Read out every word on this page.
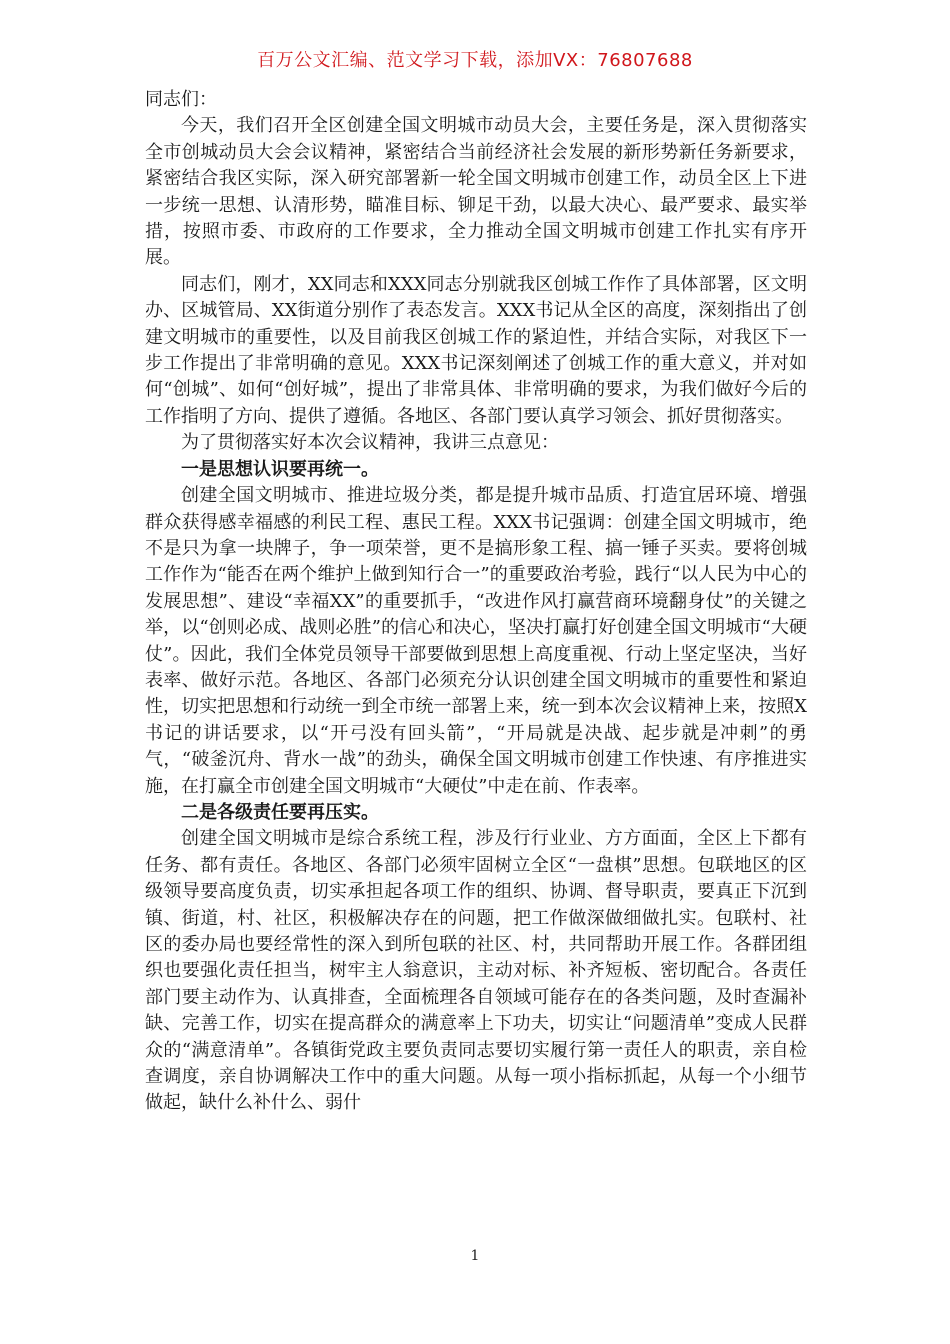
百万公文汇编、范文学习下载，添加VX：76807688

同志们：

今天，我们召开全区创建全国文明城市动员大会，主要任务是，深入贯彻落实全市创城动员大会会议精神，紧密结合当前经济社会发展的新形势新任务新要求，紧密结合我区实际，深入研究部署新一轮全国文明城市创建工作，动员全区上下进一步统一思想、认清形势，瞄准目标、铆足干劲，以最大决心、最严要求、最实举措，按照市委、市政府的工作要求，全力推动全国文明城市创建工作扎实有序开展。

同志们，刚才，XX同志和XXX同志分别就我区创城工作作了具体部署，区文明办、区城管局、XX街道分别作了表态发言。XXX书记从全区的高度，深刻指出了创建文明城市的重要性，以及目前我区创城工作的紧迫性，并结合实际，对我区下一步工作提出了非常明确的意见。XXX书记深刻阐述了创城工作的重大意义，并对如何“创城”、如何“创好城”，提出了非常具体、非常明确的要求，为我们做好今后的工作指明了方向、提供了遵循。各地区、各部门要认真学习领会、抓好贯彻落实。

为了贯彻落实好本次会议精神，我讲三点意见：

一是思想认识要再统一。

创建全国文明城市、推进垃圾分类，都是提升城市品质、打造宜居环境、增强群众获得感幸福感的利民工程、惠民工程。XXX书记强调：创建全国文明城市，绝不是只为拿一块牌子，争一项荣誉，更不是搞形象工程、搞一锤子买卖。要将创城工作作为“能否在两个维护上做到知行合一”的重要政治考验，践行“以人民为中心的发展思想”、建设“幸福XX”的重要抓手，“改进作风打赢营商环境翻身仗”的关键之举，以“创则必成、战则必胜”的信心和决心，坚决打赢打好创建全国文明城市“大硬仗”。因此，我们全体党员领导干部要做到思想上高度重视、行动上坚定坚决，当好表率、做好示范。各地区、各部门必须充分认识创建全国文明城市的重要性和紧迫性，切实把思想和行动统一到全市统一部署上来，统一到本次会议精神上来，按照X书记的讲话要求，以“开弓没有回头箭”，“开局就是决战、起步就是冲刺”的勇气，“破釜沉舟、背水一战”的劲头，确保全国文明城市创建工作快速、有序推进实施，在打赢全市创建全国文明城市“大硬仗”中走在前、作表率。

二是各级责任要再压实。

创建全国文明城市是综合系统工程，涉及行行业业、方方面面，全区上下都有任务、都有责任。各地区、各部门必须牢固树立全区“一盘棋”思想。包联地区的区级领导要高度负责，切实承担起各项工作的组织、协调、督导职责，要真正下沉到镇、街道，村、社区，积极解决存在的问题，把工作做深做细做扎实。包联村、社区的委办局也要经常性的深入到所包联的社区、村，共同帮助开展工作。各群团组织也要强化责任担当，树牢主人翁意识，主动对标、补齐短板、密切配合。各责任部门要主动作为、认真排查，全面梳理各自领域可能存在的各类问题，及时查漏补缺、完善工作，切实在提高群众的满意率上下功夫，切实让“问题清单”变成人民群众的“满意清单”。各镇街党政主要负责同志要切实履行第一责任人的职责，亲自检查调度，亲自协调解决工作中的重大问题。从每一项小指标抓起，从每一个小细节做起，缺什么补什么、弱什

1
